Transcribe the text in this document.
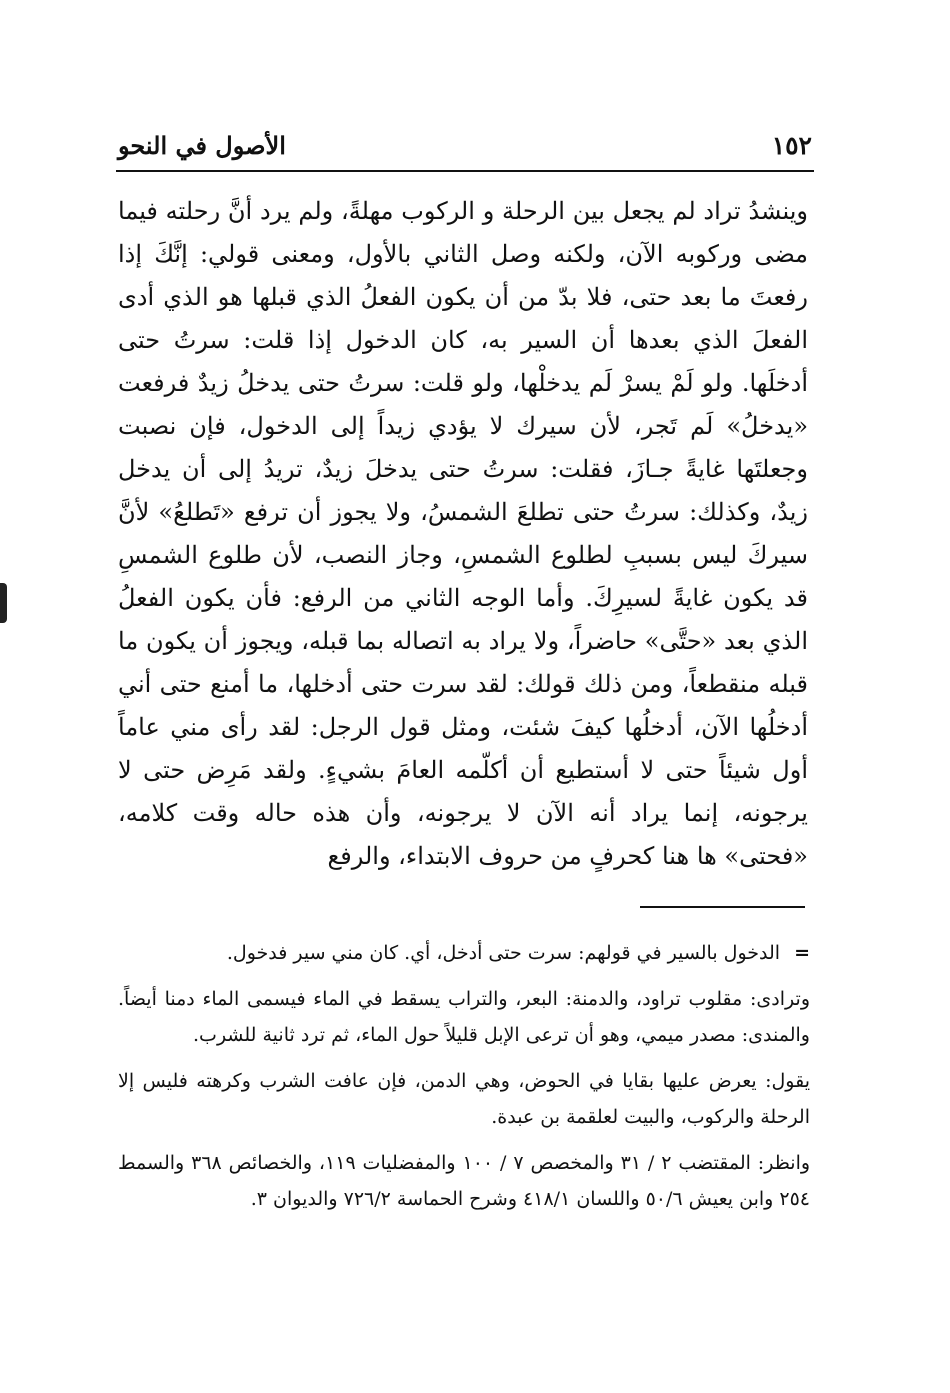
١٥٢
الأصول في النحو

وينشدُ تراد لم يجعل بين الرحلة و الركوب مهلةً، ولم يرد أنَّ رحلته فيما مضى وركوبه الآن، ولكنه وصل الثاني بالأول، ومعنى قولي: إنَّكَ إذا رفعتَ ما بعد حتى، فلا بدّ من أن يكون الفعلُ الذي قبلها هو الذي أدى الفعلَ الذي بعدها أن السير به، كان الدخول إذا قلت: سرتُ حتى أدخلَها. ولو لَمْ يسرْ لَم يدخلْها، ولو قلت: سرتُ حتى يدخلُ زيدٌ فرفعت «يدخلُ» لَم تَجر، لأن سيرك لا يؤدي زيداً إلى الدخول، فإن نصبت وجعلتَها غايةً جـازَ، فقلت: سرتُ حتى يدخلَ زيدٌ، تريدُ إلى أن يدخل زيدٌ، وكذلك: سرتُ حتى تطلعَ الشمسُ، ولا يجوز أن ترفع «تَطلعُ» لأنَّ سيركَ ليس بسببِ لطلوع الشمسِ، وجاز النصب، لأن طلوع الشمسِ قد يكون غايةً لسيرِكَ. وأما الوجه الثاني من الرفع: فأن يكون الفعلُ الذي بعد «حتَّى» حاضراً، ولا يراد به اتصاله بما قبله، ويجوز أن يكون ما قبله منقطعاً، ومن ذلك قولك: لقد سرت حتى أدخلها، ما أمنع حتى أني أدخلُها الآن، أدخلُها كيفَ شئت، ومثل قول الرجل: لقد رأى مني عاماً أول شيئاً حتى لا أستطيع أن أكلّمه العامَ بشيءٍ. ولقد مَرِض حتى لا يرجونه، إنما يراد أنه الآن لا يرجونه، وأن هذه حاله وقت كلامه، «فحتى» ها هنا كحرفٍ من حروف الابتداء، والرفع

=الدخول بالسير في قولهم: سرت حتى أدخل، أي. كان مني سير فدخول.

وترادى: مقلوب تراود، والدمنة: البعر، والتراب يسقط في الماء فيسمى الماء دمنا أيضاً. والمندى: مصدر ميمي، وهو أن ترعى الإبل قليلاً حول الماء، ثم ترد ثانية للشرب.

يقول: يعرض عليها بقايا في الحوض، وهي الدمن، فإن عافت الشرب وكرهته فليس إلا الرحلة والركوب، والبيت لعلقمة بن عبدة.

وانظر: المقتضب ٢ / ٣١ والمخصص ٧ / ١٠٠ والمفضليات ١١٩، والخصائص ٣٦٨ والسمط ٢٥٤ وابن يعيش ٥٠/٦ واللسان ٤١٨/١ وشرح الحماسة ٧٢٦/٢ والديوان ٣.
